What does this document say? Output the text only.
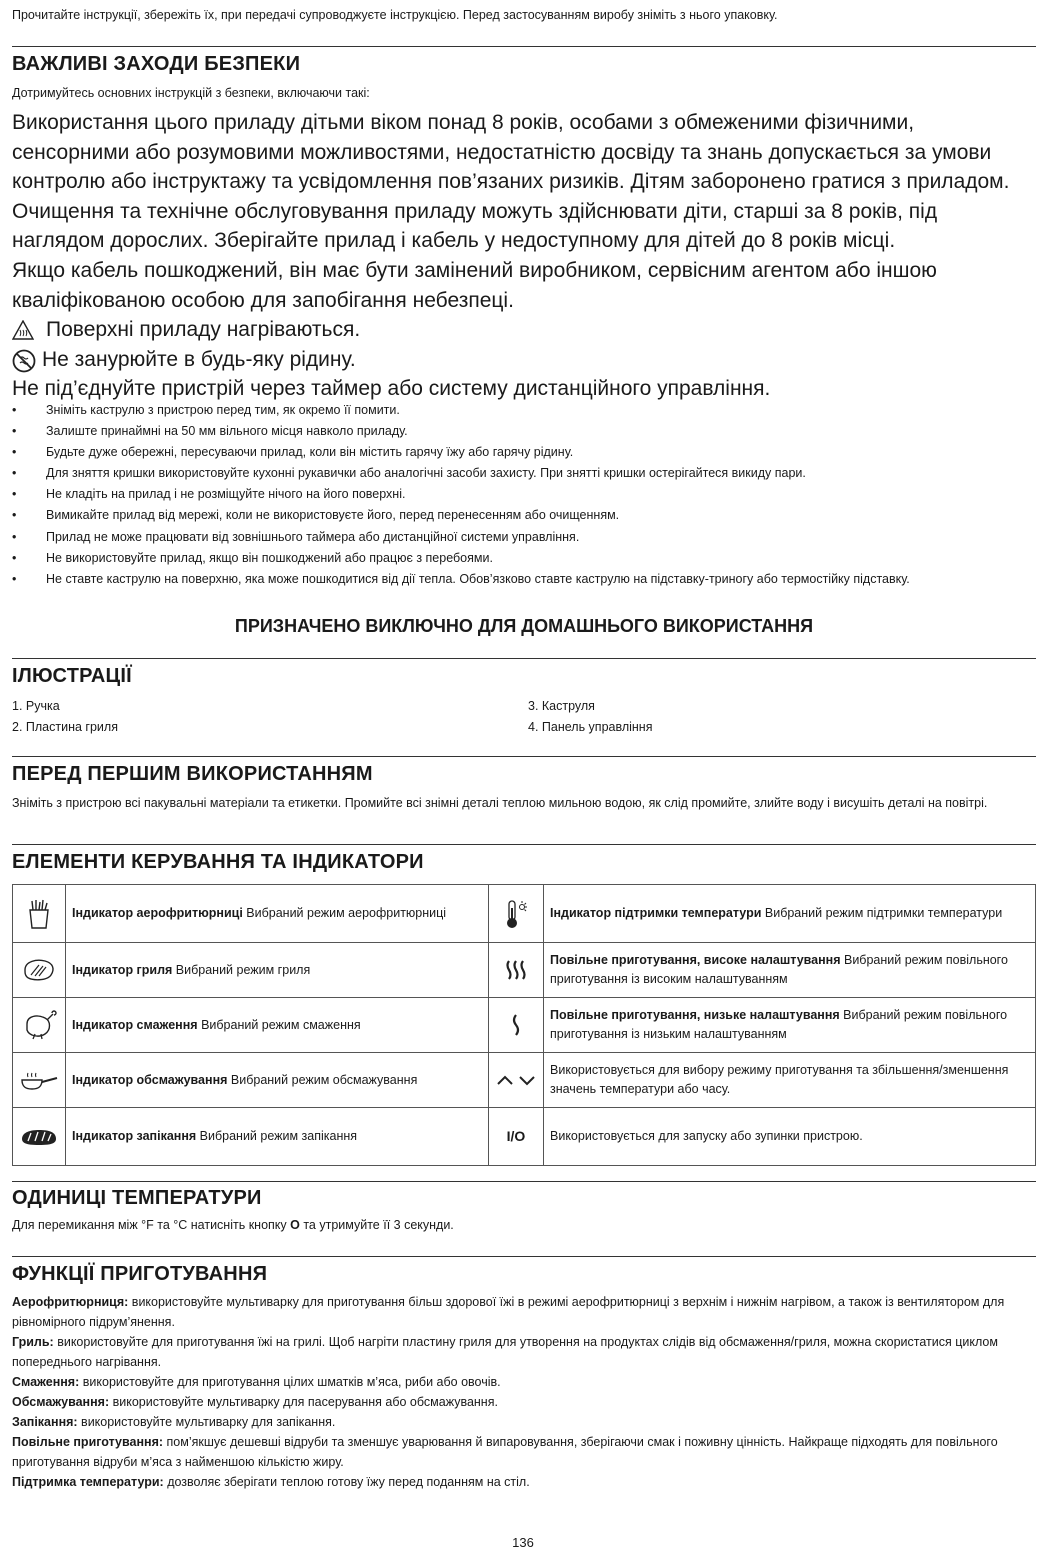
Прочитайте інструкції, збережіть їх, при передачі супроводжуєте інструкцією. Перед застосуванням виробу зніміть з нього упаковку.
ВАЖЛИВІ ЗАХОДИ БЕЗПЕКИ
Дотримуйтесь основних інструкцій з безпеки, включаючи такі:
Використання цього приладу дітьми віком понад 8 років, особами з обмеженими фізичними,
сенсорними або розумовими можливостями, недостатністю досвіду та знань допускається за умови
контролю або інструктажу та усвідомлення пов’язаних ризиків. Дітям заборонено гратися з приладом.
Очищення та технічне обслуговування приладу можуть здійснювати діти, старші за 8 років, під
наглядом дорослих. Зберігайте прилад і кабель у недоступному для дітей до 8 років місці.
Якщо кабель пошкоджений, він має бути замінений виробником, сервісним агентом або іншою
кваліфікованою особою для запобігання небезпеці.
Поверхні приладу нагріваються.
Не занурюйте в будь-яку рідину.
Не під’єднуйте пристрій через таймер або систему дистанційного управління.
• Зніміть каструлю з пристрою перед тим, як окремо її помити.
• Залиште принаймні на 50 мм вільного місця навколо приладу.
• Будьте дуже обережні, пересуваючи прилад, коли він містить гарячу їжу або гарячу рідину.
• Для зняття кришки використовуйте кухонні рукавички або аналогічні засоби захисту. При знятті кришки остерігайтеся викиду пари.
• Не кладіть на прилад і не розміщуйте нічого на його поверхні.
• Вимикайте прилад від мережі, коли не використовуєте його, перед перенесенням або очищенням.
• Прилад не може працювати від зовнішнього таймера або дистанційної системи управління.
• Не використовуйте прилад, якщо він пошкоджений або працює з перебоями.
• Не ставте каструлю на поверхню, яка може пошкодитися від дії тепла. Обов’язково ставте каструлю на підставку-триногу або термостійку підставку.
ПРИЗНАЧЕНО ВИКЛЮЧНО ДЛЯ ДОМАШНЬОГО ВИКОРИСТАННЯ
ІЛЮСТРАЦІЇ
1. Ручка
2. Пластина гриля
3. Каструля
4. Панель управління
ПЕРЕД ПЕРШИМ ВИКОРИСТАННЯМ
Зніміть з пристрою всі пакувальні матеріали та етикетки. Промийте всі знімні деталі теплою мильною водою, як слід промийте, злийте воду і висушіть деталі на повітрі.
ЕЛЕМЕНТИ КЕРУВАННЯ ТА ІНДИКАТОРИ
	Індикатор аерофритюрниці Вибраний режим аерофритюрниці		Індикатор підтримки температури Вибраний режим підтримки температури

	Індикатор гриля Вибраний режим гриля		Повільне приготування, високе налаштування Вибраний режим повільного приготування із високим налаштуванням

	Індикатор смаження Вибраний режим смаження		Повільне приготування, низьке налаштування Вибраний режим повільного приготування із низьким налаштуванням

	Індикатор обсмажування Вибраний режим обсмажування		Використовується для вибору режиму приготування та збільшення/зменшення значень температури або часу.

	Індикатор запікання Вибраний режим запікання	I/O	Використовується для запуску або зупинки пристрою.
ОДИНИЦІ ТЕМПЕРАТУРИ
Для перемикання між °F та °C натисніть кнопку O та утримуйте її 3 секунди.
ФУНКЦІЇ ПРИГОТУВАННЯ

Аерофритюрниця: використовуйте мультиварку для приготування більш здорової їжі в режимі аерофритюрниці з верхнім і нижнім нагрівом, а також із вентилятором для рівномірного підрум’янення.

Гриль: використовуйте для приготування їжі на грилі. Щоб нагріти пластину гриля для утворення на продуктах слідів від обсмаження/гриля, можна скористатися циклом попереднього нагрівання.

Смаження: використовуйте для приготування цілих шматків м’яса, риби або овочів.

Обсмажування: використовуйте мультиварку для пасерування або обсмажування.

Запікання: використовуйте мультиварку для запікання.

Повільне приготування: пом’якшує дешевші відруби та зменшує уварювання й випаровування, зберігаючи смак і поживну цінність. Найкраще підходять для повільного приготування відруби м’яса з найменшою кількістю жиру.

Підтримка температури: дозволяє зберігати теплою готову їжу перед поданням на стіл.

136
